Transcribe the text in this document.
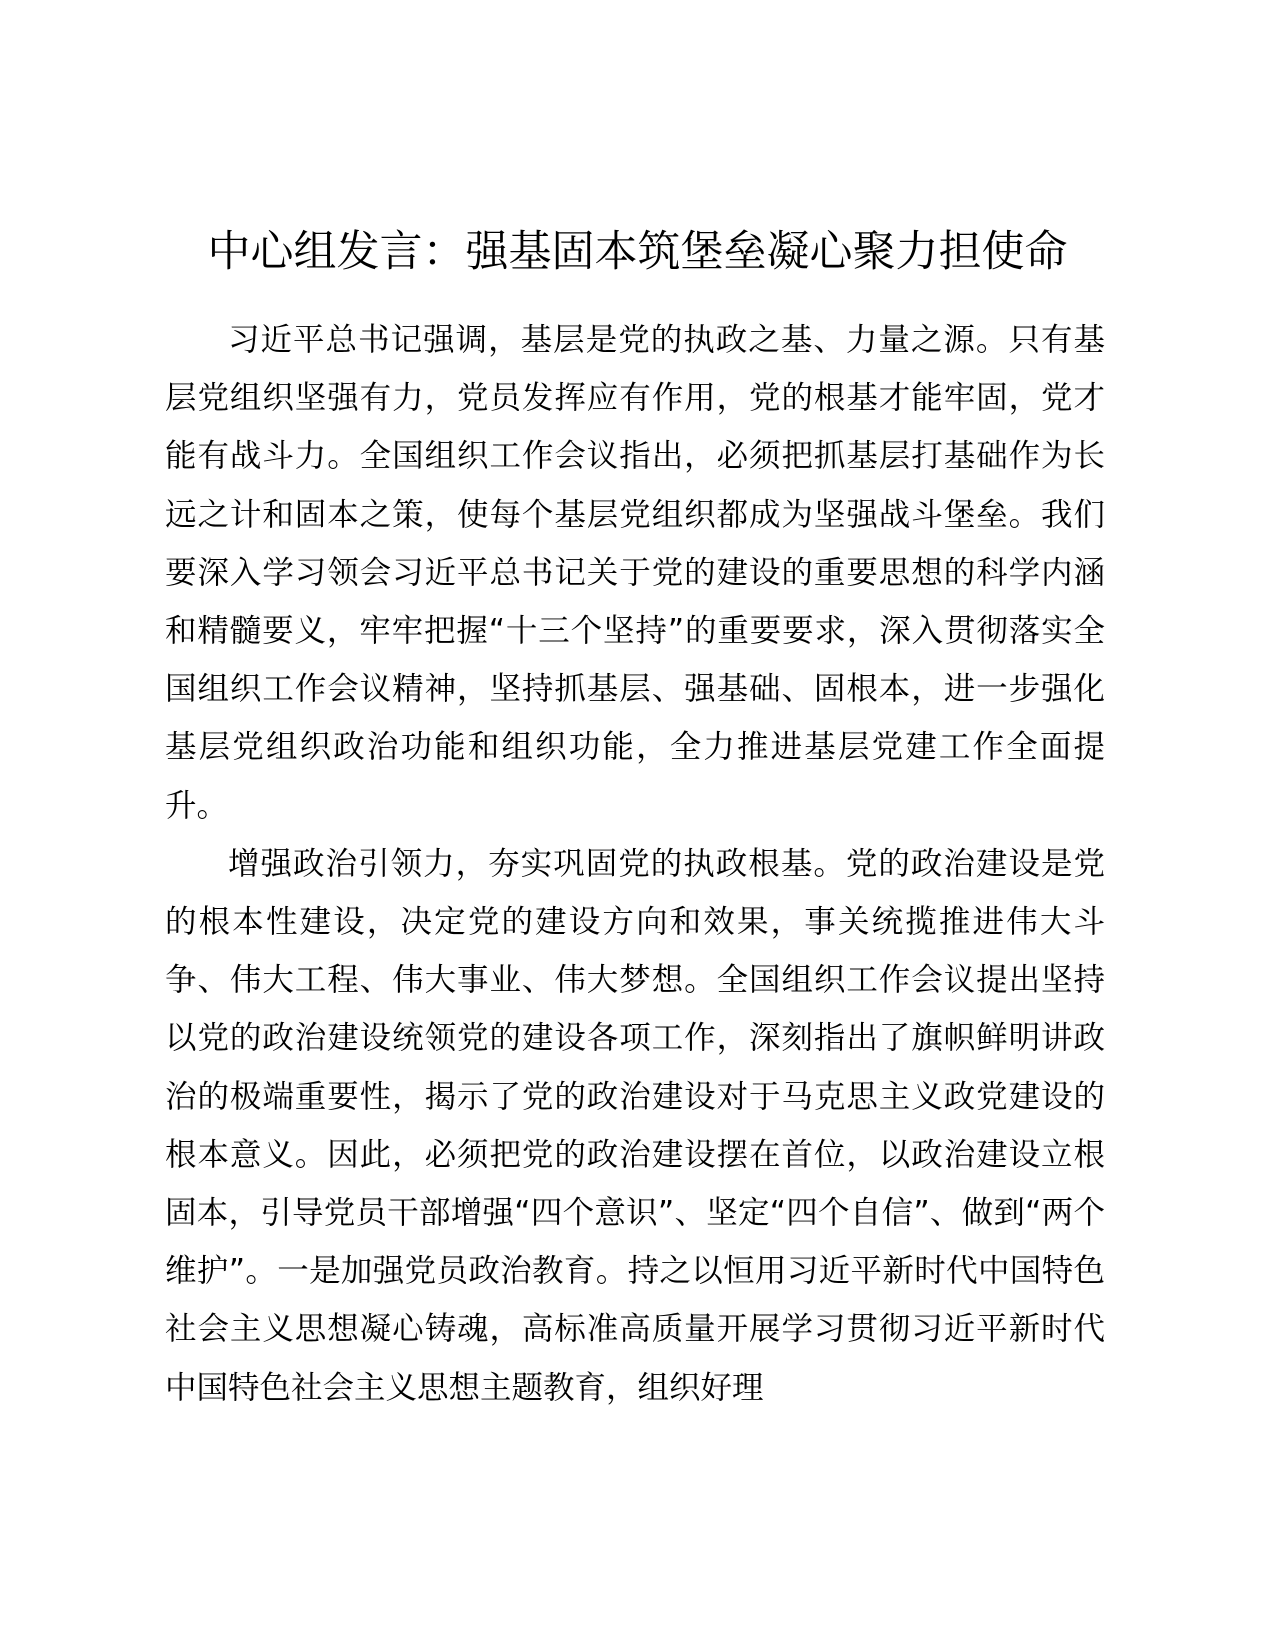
中心组发言：强基固本筑堡垒凝心聚力担使命

习近平总书记强调，基层是党的执政之基、力量之源。只有基层党组织坚强有力，党员发挥应有作用，党的根基才能牢固，党才能有战斗力。全国组织工作会议指出，必须把抓基层打基础作为长远之计和固本之策，使每个基层党组织都成为坚强战斗堡垒。我们要深入学习领会习近平总书记关于党的建设的重要思想的科学内涵和精髓要义，牢牢把握“十三个坚持”的重要要求，深入贯彻落实全国组织工作会议精神，坚持抓基层、强基础、固根本，进一步强化基层党组织政治功能和组织功能，全力推进基层党建工作全面提升。

增强政治引领力，夯实巩固党的执政根基。党的政治建设是党的根本性建设，决定党的建设方向和效果，事关统揽推进伟大斗争、伟大工程、伟大事业、伟大梦想。全国组织工作会议提出坚持以党的政治建设统领党的建设各项工作，深刻指出了旗帜鲜明讲政治的极端重要性，揭示了党的政治建设对于马克思主义政党建设的根本意义。因此，必须把党的政治建设摆在首位，以政治建设立根固本，引导党员干部增强“四个意识”、坚定“四个自信”、做到“两个维护”。一是加强党员政治教育。持之以恒用习近平新时代中国特色社会主义思想凝心铸魂，高标准高质量开展学习贯彻习近平新时代中国特色社会主义思想主题教育，组织好理
